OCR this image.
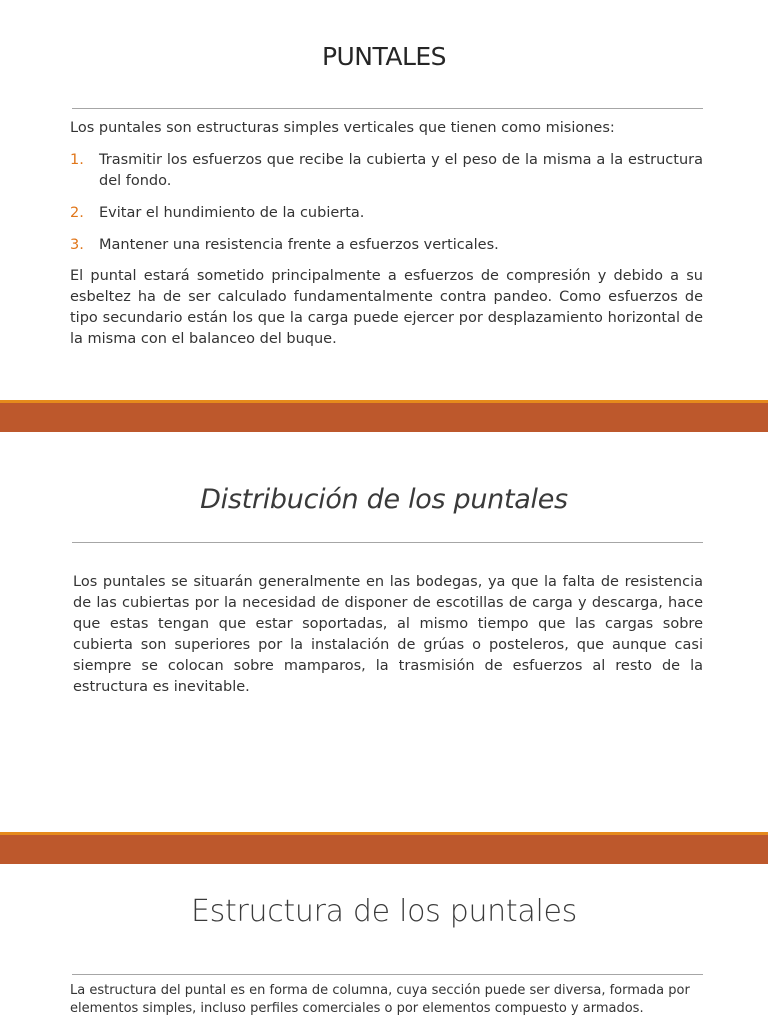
PUNTALES
Los puntales son estructuras simples verticales que tienen como misiones:
1. Trasmitir los esfuerzos que recibe la cubierta y el peso de la misma a la estructura del fondo.
2. Evitar el hundimiento de la cubierta.
3. Mantener una resistencia frente a esfuerzos verticales.
El puntal estará sometido principalmente a esfuerzos de compresión y debido a su esbeltez ha de ser calculado fundamentalmente contra pandeo. Como esfuerzos de tipo secundario están los que la carga puede ejercer por desplazamiento horizontal de la misma con el balanceo del buque.
Distribución de los puntales
Los puntales se situarán generalmente en las bodegas, ya que la falta de resistencia de las cubiertas por la necesidad de disponer de escotillas de carga y descarga, hace que estas tengan que estar soportadas, al mismo tiempo que las cargas sobre cubierta son superiores por la instalación de grúas o posteleros, que aunque casi siempre se colocan sobre mamparos, la trasmisión de esfuerzos al resto de la estructura es inevitable.
Estructura de los puntales
La estructura del puntal es en forma de columna, cuya sección puede ser diversa, formada por elementos simples, incluso perfiles comerciales o por elementos compuesto y armados.
